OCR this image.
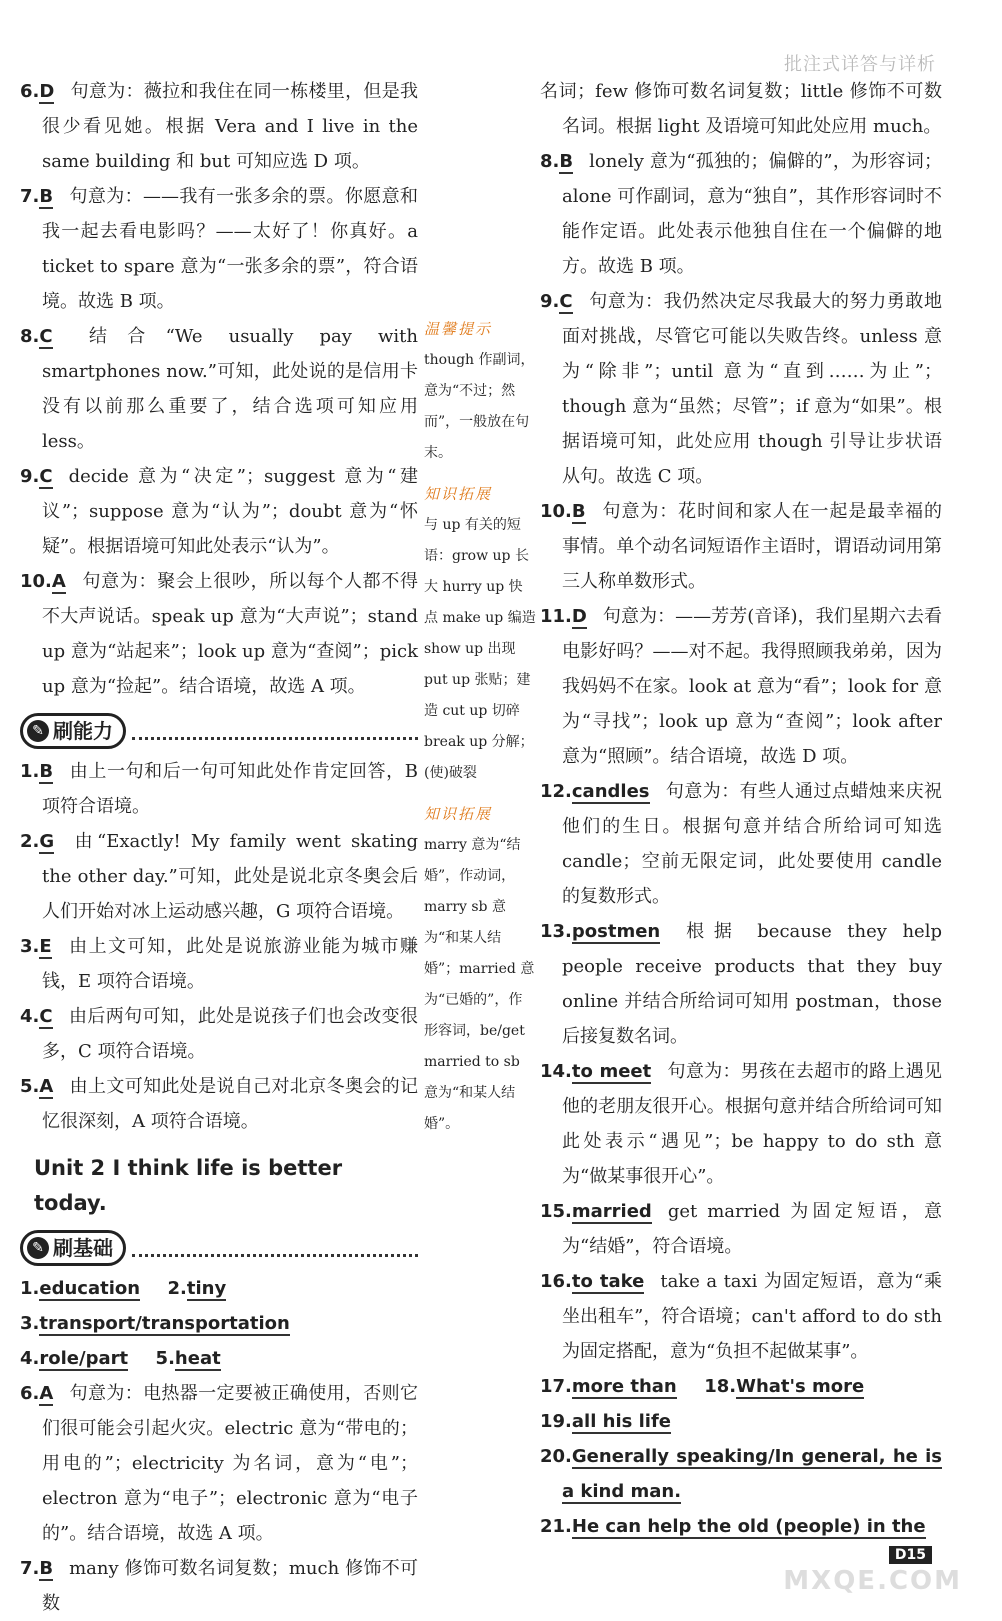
批注式详答与详析

6.D 句意为：薇拉和我住在同一栋楼里，但是我很少看见她。根据 Vera and I live in the same building 和 but 可知应选 D 项。

7.B 句意为：——我有一张多余的票。你愿意和我一起去看电影吗？——太好了！你真好。a ticket to spare 意为“一张多余的票”，符合语境。故选 B 项。

8.C 结合“We usually pay with smartphones now.”可知，此处说的是信用卡没有以前那么重要了，结合选项可知应用 less。

9.C decide 意为“决定”；suggest 意为“建议”；suppose 意为“认为”；doubt 意为“怀疑”。根据语境可知此处表示“认为”。

10.A 句意为：聚会上很吵，所以每个人都不得不大声说话。speak up 意为“大声说”；stand up 意为“站起来”；look up 意为“查阅”；pick up 意为“捡起”。结合语境，故选 A 项。

✎ 刷能力

1.B 由上一句和后一句可知此处作肯定回答，B 项符合语境。

2.G 由“Exactly! My family went skating the other day.”可知，此处是说北京冬奥会后人们开始对冰上运动感兴趣，G 项符合语境。

3.E 由上文可知，此处是说旅游业能为城市赚钱，E 项符合语境。

4.C 由后两句可知，此处是说孩子们也会改变很多，C 项符合语境。

5.A 由上文可知此处是说自己对北京冬奥会的记忆很深刻，A 项符合语境。

Unit 2 I think life is better today.
✎ 刷基础

1.education 2.tiny

3.transport/transportation

4.role/part 5.heat

6.A 句意为：电热器一定要被正确使用，否则它们很可能会引起火灾。electric 意为“带电的；用电的”；electricity 为名词，意为“电”；electron 意为“电子”；electronic 意为“电子的”。结合语境，故选 A 项。

7.B many 修饰可数名词复数；much 修饰不可数

温馨提示
though 作副词，意为“不过；然而”，一般放在句末。
知识拓展
与 up 有关的短语：grow up 长大 hurry up 快点 make up 编造 show up 出现 put up 张贴；建造 cut up 切碎 break up 分解；(使)破裂
知识拓展
marry 意为“结婚”，作动词，marry sb 意为“和某人结婚”；married 意为“已婚的”，作形容词，be/get married to sb 意为“和某人结婚”。

名词；few 修饰可数名词复数；little 修饰不可数名词。根据 light 及语境可知此处应用 much。

8.B lonely 意为“孤独的；偏僻的”，为形容词；alone 可作副词，意为“独自”，其作形容词时不能作定语。此处表示他独自住在一个偏僻的地方。故选 B 项。

9.C 句意为：我仍然决定尽我最大的努力勇敢地面对挑战，尽管它可能以失败告终。unless 意为“除非”；until 意为“直到……为止”；though 意为“虽然；尽管”；if 意为“如果”。根据语境可知，此处应用 though 引导让步状语从句。故选 C 项。

10.B 句意为：花时间和家人在一起是最幸福的事情。单个动名词短语作主语时，谓语动词用第三人称单数形式。

11.D 句意为：——芳芳(音译)，我们星期六去看电影好吗？——对不起。我得照顾我弟弟，因为我妈妈不在家。look at 意为“看”；look for 意为“寻找”；look up 意为“查阅”；look after 意为“照顾”。结合语境，故选 D 项。

12.candles 句意为：有些人通过点蜡烛来庆祝他们的生日。根据句意并结合所给词可知选 candle；空前无限定词，此处要使用 candle 的复数形式。

13.postmen 根据 because they help people receive products that they buy online 并结合所给词可知用 postman，those 后接复数名词。

14.to meet 句意为：男孩在去超市的路上遇见他的老朋友很开心。根据句意并结合所给词可知此处表示“遇见”；be happy to do sth 意为“做某事很开心”。

15.married get married 为固定短语，意为“结婚”，符合语境。

16.to take take a taxi 为固定短语，意为“乘坐出租车”，符合语境；can't afford to do sth 为固定搭配，意为“负担不起做某事”。

17.more than 18.What's more

19.all his life

20.Generally speaking/In general, he is a kind man.

21.He can help the old (people) in the

D15
MXQE.COM
